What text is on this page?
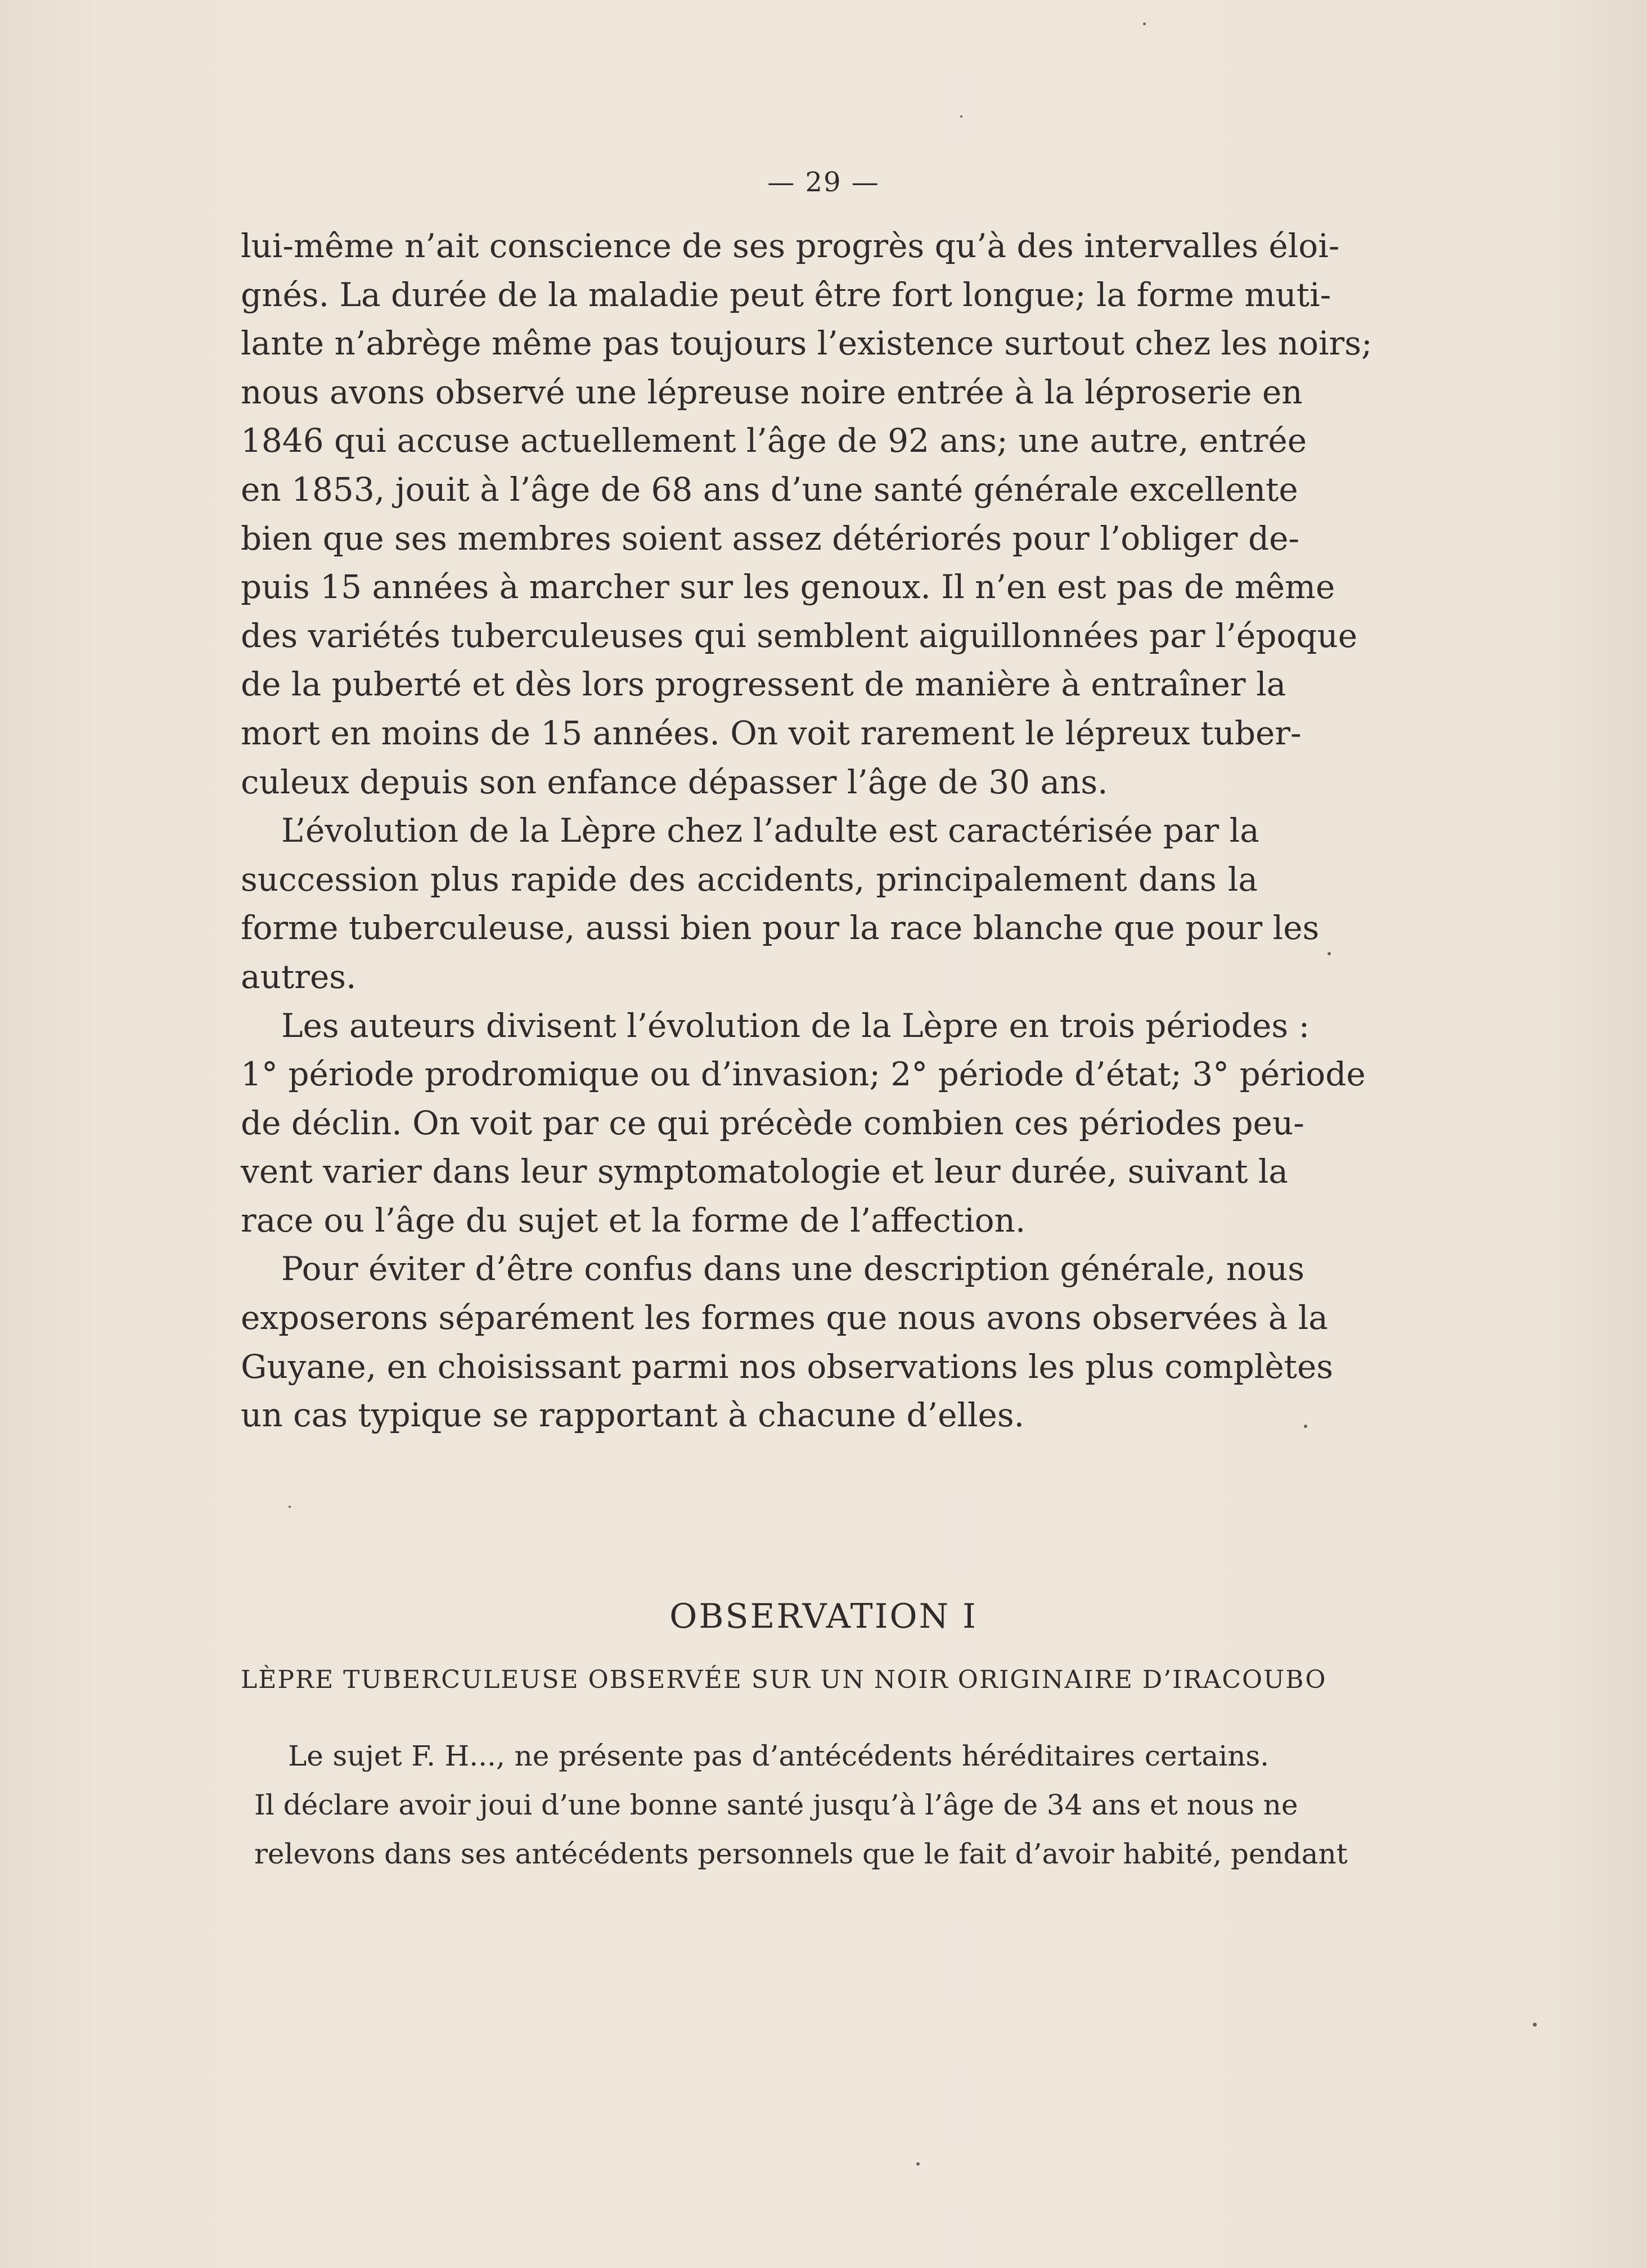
— 29 —
lui-même n’ait conscience de ses progrès qu’à des intervalles éloi-
gnés. La durée de la maladie peut être fort longue; la forme muti-
lante n’abrège même pas toujours l’existence surtout chez les noirs;
nous avons observé une lépreuse noire entrée à la léproserie en
1846 qui accuse actuellement l’âge de 92 ans; une autre, entrée
en 1853, jouit à l’âge de 68 ans d’une santé générale excellente
bien que ses membres soient assez détériorés pour l’obliger de-
puis 15 années à marcher sur les genoux. Il n’en est pas de même
des variétés tuberculeuses qui semblent aiguillonnées par l’époque
de la puberté et dès lors progressent de manière à entraîner la
mort en moins de 15 années. On voit rarement le lépreux tuber-
culeux depuis son enfance dépasser l’âge de 30 ans.
L’évolution de la Lèpre chez l’adulte est caractérisée par la
succession plus rapide des accidents, principalement dans la
forme tuberculeuse, aussi bien pour la race blanche que pour les
autres.
Les auteurs divisent l’évolution de la Lèpre en trois périodes :
1° période prodromique ou d’invasion; 2° période d’état; 3° période
de déclin. On voit par ce qui précède combien ces périodes peu-
vent varier dans leur symptomatologie et leur durée, suivant la
race ou l’âge du sujet et la forme de l’affection.
Pour éviter d’être confus dans une description générale, nous
exposerons séparément les formes que nous avons observées à la
Guyane, en choisissant parmi nos observations les plus complètes
un cas typique se rapportant à chacune d’elles.
OBSERVATION I
LÈPRE TUBERCULEUSE OBSERVÉE SUR UN NOIR ORIGINAIRE D’IRACOUBO
Le sujet F. H..., ne présente pas d’antécédents héréditaires certains.
Il déclare avoir joui d’une bonne santé jusqu’à l’âge de 34 ans et nous ne
relevons dans ses antécédents personnels que le fait d’avoir habité, pendant
